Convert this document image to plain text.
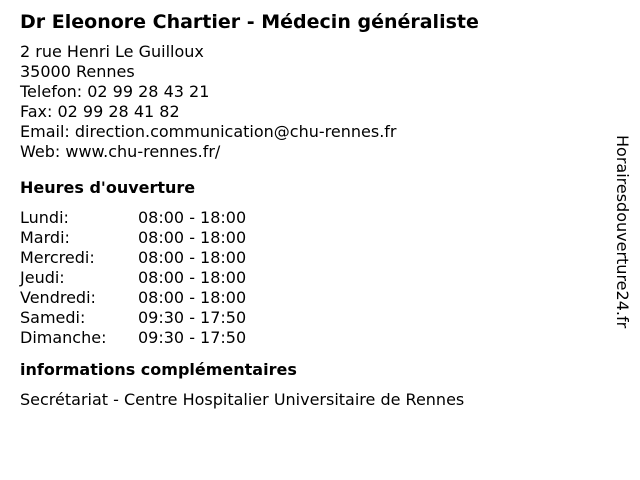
Dr Eleonore Chartier - Médecin généraliste
2 rue Henri Le Guilloux
35000 Rennes
Telefon: 02 99 28 43 21
Fax: 02 99 28 41 82
Email: direction.communication@chu-rennes.fr
Web: www.chu-rennes.fr/
Heures d'ouverture
Lundi:	08:00 - 18:00
Mardi:	08:00 - 18:00
Mercredi:	08:00 - 18:00
Jeudi:	08:00 - 18:00
Vendredi:	08:00 - 18:00
Samedi:	09:30 - 17:50
Dimanche:	09:30 - 17:50
informations complémentaires
Secrétariat - Centre Hospitalier Universitaire de Rennes
Horairesdouverture24.fr
